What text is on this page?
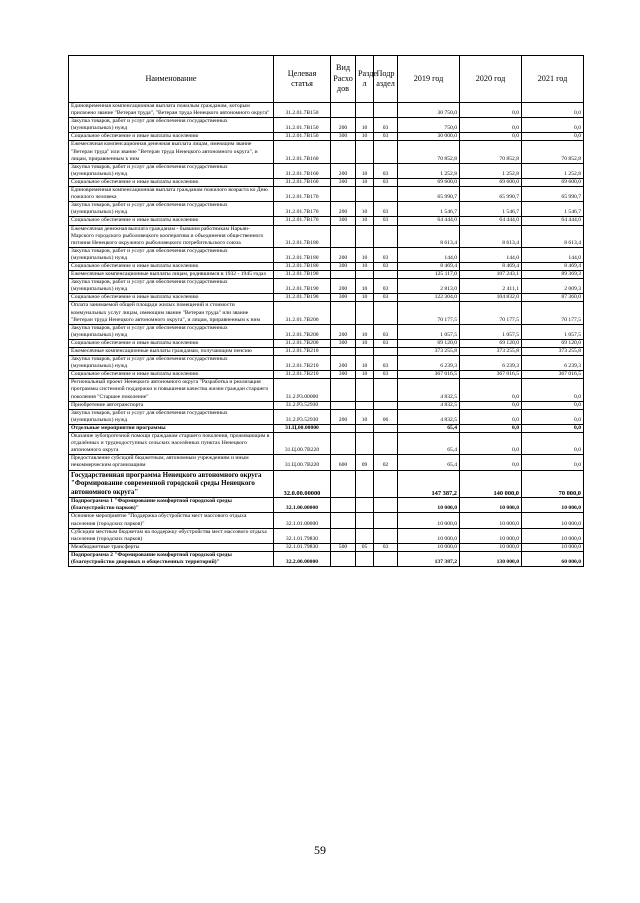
Наименование	Целевая статья	Вид Расхо дов	Разде л	Подр аздел	2019 год	2020 год	2021 год
Единовременная компенсационная выплата пожилым гражданам, которым присвоено звание "Ветеран труда", "Ветеран труда Ненецкого автономного округа"	31.2.01.7В150				30 750,0	0,0	0,0
Закупка товаров, работ и услуг для обеспечения государственных (муниципальных) нужд	31.2.01.7В150	200	10	03	750,0	0,0	0,0
Социальное обеспечение и иные выплаты населению	31.2.01.7В150	300	10	03	30 000,0	0,0	0,0
Ежемесячная компенсационная денежная выплата лицам, имеющим звание "Ветеран труда" или звание "Ветеран труда Ненецкого автономного округа", и лицам, приравненным к ним	31.2.01.7В160				70 852,8	70 852,8	70 852,8
Закупка товаров, работ и услуг для обеспечения государственных (муниципальных) нужд	31.2.01.7В160	200	10	03	1 252,8	1 252,8	1 252,8
Социальное обеспечение и иные выплаты населению	31.2.01.7В160	300	10	03	69 600,0	69 600,0	69 600,0
Единовременная компенсационная выплата гражданам пожилого возраста ко Дню пожилого человека	31.2.01.7В170				65 990,7	65 990,7	65 990,7
Закупка товаров, работ и услуг для обеспечения государственных (муниципальных) нужд	31.2.01.7В170	200	10	03	1 546,7	1 546,7	1 546,7
Социальное обеспечение и иные выплаты населению	31.2.01.7В170	300	10	03	64 444,0	64 444,0	64 444,0
Ежемесячная денежная выплата гражданам - бывшим работникам Нарьян-Марского городского рыболовецкого кооператива и объединения общественного питания Ненецкого окружного рыболовецкого потребительского союза	31.2.01.7В180				8 613,4	8 613,4	8 613,4
Закупка товаров, работ и услуг для обеспечения государственных (муниципальных) нужд	31.2.01.7В180	200	10	03	144,0	144,0	144,0
Социальное обеспечение и иные выплаты населению	31.2.01.7В180	300	10	03	8 469,4	8 469,4	8 469,4
Ежемесячные компенсационные выплаты лицам, родившимся в 1932 - 1945 годах	31.2.01.7В190				125 117,0	107 243,1	89 369,3
Закупка товаров, работ и услуг для обеспечения государственных (муниципальных) нужд	31.2.01.7В190	200	10	03	2 813,0	2 411,1	2 009,3
Социальное обеспечение и иные выплаты населению	31.2.01.7В190	300	10	03	122 304,0	104 832,0	87 360,0
Оплата занимаемой общей площади жилых помещений и стоимости коммунальных услуг лицам, имеющим звание "Ветеран труда" или звание "Ветеран труда Ненецкого автономного округа", и лицам, приравненным к ним	31.2.01.7В200				70 177,5	70 177,5	70 177,5
Закупка товаров, работ и услуг для обеспечения государственных (муниципальных) нужд	31.2.01.7В200	200	10	03	1 057,5	1 057,5	1 057,5
Социальное обеспечение и иные выплаты населению	31.2.01.7В200	300	10	03	69 120,0	69 120,0	69 120,0
Ежемесячные компенсационные выплаты гражданам, получающим пенсию	31.2.01.7В210				373 255,8	373 255,8	373 255,8
Закупка товаров, работ и услуг для обеспечения государственных (муниципальных) нужд	31.2.01.7В210	200	10	03	6 239,3	6 239,3	6 239,3
Социальное обеспечение и иные выплаты населению	31.2.01.7В210	300	10	03	367 016,5	367 016,5	367 016,5
Региональный проект Ненецкого автономного округа "Разработка и реализация программы системной поддержки и повышения качества жизни граждан старшего поколения "Старшее поколение"	31.2.P3.00000				4 832,5	0,0	0,0
Приобретение автотранспорта	31.2.P3.52930				4 832,5	0,0	0,0
Закупка товаров, работ и услуг для обеспечения государственных (муниципальных) нужд	31.2.P3.52930	200	10	06	4 832,5	0,0	0,0
Отдельные мероприятия программы	31.Ц.00.00000				65,4	0,0	0,0
Оказание зубопротезной помощи гражданам старшего поколения, проживающим в отдалённых и труднодоступных сельских населённых пунктах Ненецкого автономного округа	31.Ц.00.7В220				65,4	0,0	0,0
Предоставление субсидий бюджетным, автономным учреждениям и иным некоммерческим организациям	31.Ц.00.7В220	600	09	02	65,4	0,0	0,0
Государственная программа Ненецкого автономного округа "Формирование современной городской среды Ненецкого автономного округа"	32.0.00.00000				147 387,2	140 000,0	70 000,0
Подпрограмма 1 "Формирование комфортной городской среды (благоустройство парков)"	32.1.00.00000				10 000,0	10 000,0	10 000,0
Основное мероприятие "Поддержка обустройства мест массового отдыха населения (городских парков)"	32.1.01.00000				10 000,0	10 000,0	10 000,0
Субсидии местным бюджетам на поддержку обустройства мест массового отдыха населения (городских парков)	32.1.01.79830				10 000,0	10 000,0	10 000,0
Межбюджетные трансферты	32.1.01.79830	500	05	03	10 000,0	10 000,0	10 000,0
Подпрограмма 2 "Формирование комфортной городской среды (благоустройство дворовых и общественных территорий)"	32.2.00.00000				137 387,2	130 000,0	60 000,0
59
